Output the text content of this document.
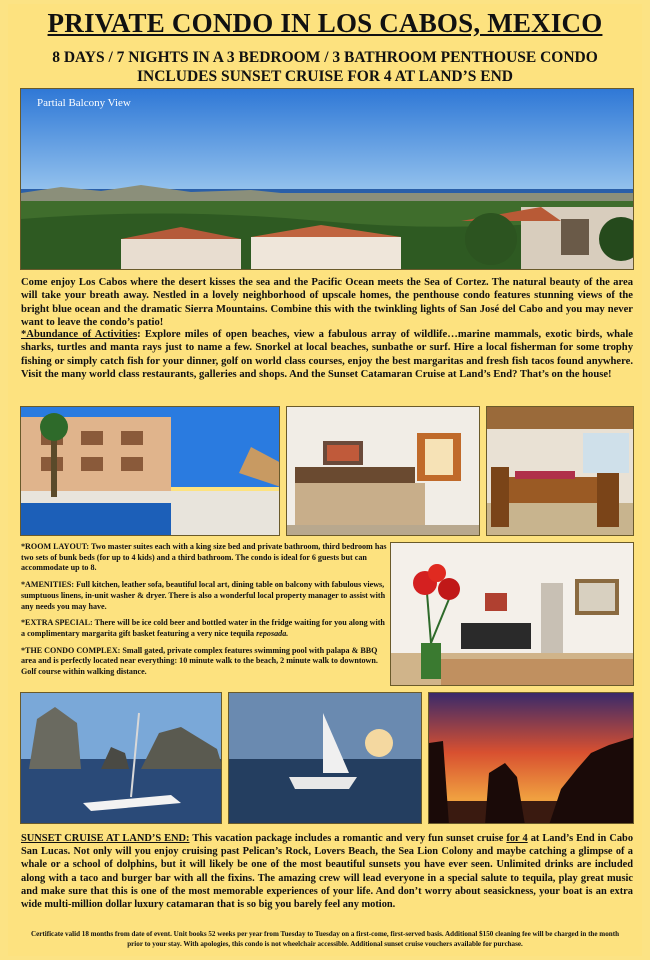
PRIVATE CONDO IN LOS CABOS, MEXICO
8 DAYS / 7 NIGHTS IN A 3 BEDROOM / 3 BATHROOM PENTHOUSE CONDO
INCLUDES SUNSET CRUISE FOR 4 AT LAND’S END
Partial Balcony View
Come enjoy Los Cabos where the desert kisses the sea and the Pacific Ocean meets the Sea of Cortez. The natural beauty of the area will take your breath away. Nestled in a lovely neighborhood of upscale homes, the penthouse condo features stunning views of the bright blue ocean and the dramatic Sierra Mountains. Combine this with the twinkling lights of San José del Cabo and you may never want to leave the condo’s patio!
*Abundance of Activities: Explore miles of open beaches, view a fabulous array of wildlife…marine mammals, exotic birds, whale sharks, turtles and manta rays just to name a few. Snorkel at local beaches, sunbathe or surf. Hire a local fisherman for some trophy fishing or simply catch fish for your dinner, golf on world class courses, enjoy the best margaritas and fresh fish tacos found anywhere. Visit the many world class restaurants, galleries and shops. And the Sunset Catamaran Cruise at Land’s End? That’s on the house!

*ROOM LAYOUT: Two master suites each with a king size bed and private bathroom, third bedroom has two sets of bunk beds (for up to 4 kids) and a third bathroom. The condo is ideal for 6 guests but can accommodate up to 8.

*AMENITIES: Full kitchen, leather sofa, beautiful local art, dining table on balcony with fabulous views, sumptuous linens, in-unit washer & dryer. There is also a wonderful local property manager to assist with any needs you may have.

*EXTRA SPECIAL: There will be ice cold beer and bottled water in the fridge waiting for you along with a complimentary margarita gift basket featuring a very nice tequila reposada.

*THE CONDO COMPLEX: Small gated, private complex features swimming pool with palapa & BBQ area and is perfectly located near everything: 10 minute walk to the beach, 2 minute walk to downtown. Golf course within walking distance.

SUNSET CRUISE AT LAND’S END: This vacation package includes a romantic and very fun sunset cruise for 4 at Land’s End in Cabo San Lucas. Not only will you enjoy cruising past Pelican’s Rock, Lovers Beach, the Sea Lion Colony and maybe catching a glimpse of a whale or a school of dolphins, but it will likely be one of the most beautiful sunsets you have ever seen. Unlimited drinks are included along with a taco and burger bar with all the fixins. The amazing crew will lead everyone in a special salute to tequila, play great music and make sure that this is one of the most memorable experiences of your life. And don’t worry about seasickness, your boat is an extra wide multi-million dollar luxury catamaran that is so big you barely feel any motion.
Certificate valid 18 months from date of event. Unit books 52 weeks per year from Tuesday to Tuesday on a first-come, first-served basis. Additional $150 cleaning fee will be charged in the month prior to your stay. With apologies, this condo is not wheelchair accessible. Additional sunset cruise vouchers available for purchase.
